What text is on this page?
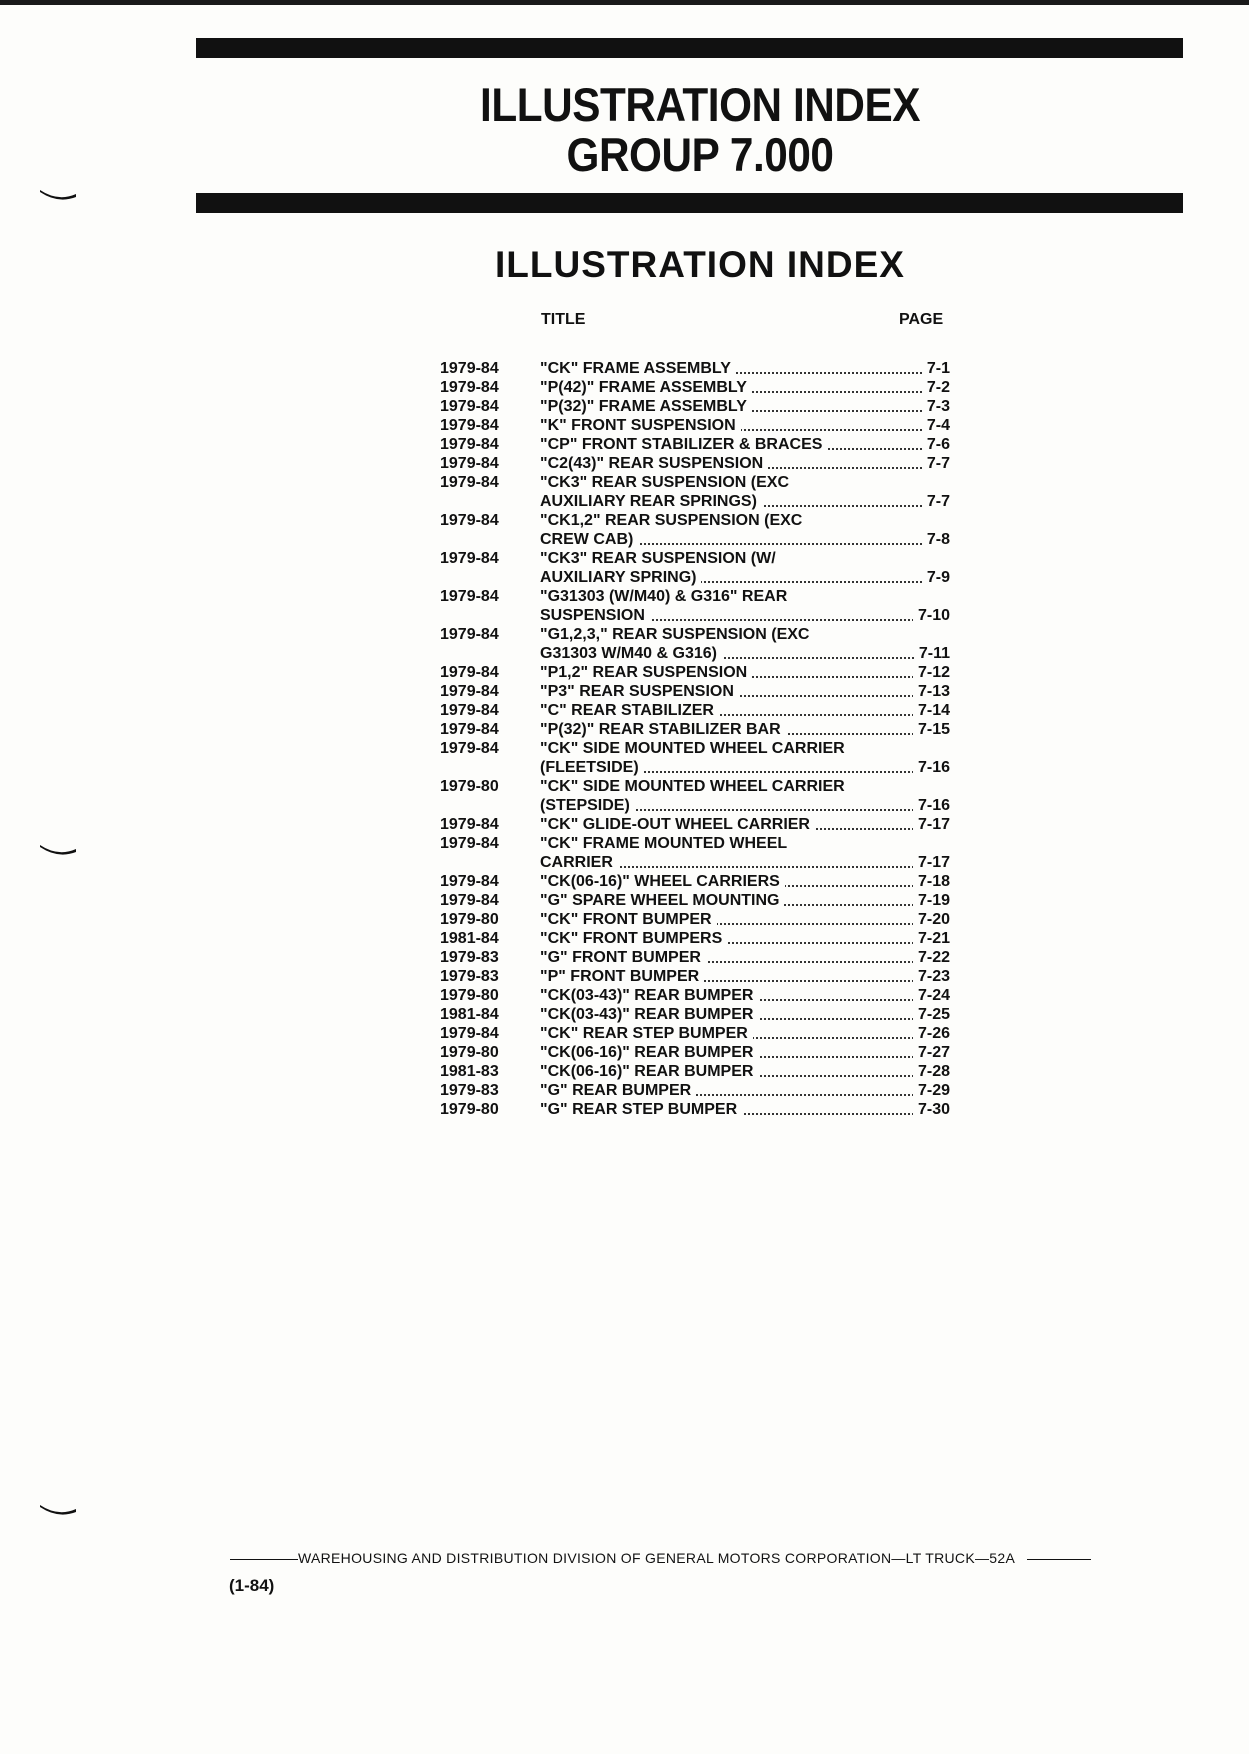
ILLUSTRATION INDEX
GROUP 7.000
ILLUSTRATION INDEX
TITLE	PAGE
1979-84	"CK" FRAME ASSEMBLY	7-1
1979-84	"P(42)" FRAME ASSEMBLY	7-2
1979-84	"P(32)" FRAME ASSEMBLY	7-3
1979-84	"K" FRONT SUSPENSION	7-4
1979-84	"CP" FRONT STABILIZER & BRACES	7-6
1979-84	"C2(43)" REAR SUSPENSION	7-7
1979-84	"CK3" REAR SUSPENSION (EXC
AUXILIARY REAR SPRINGS)	7-7
1979-84	"CK1,2" REAR SUSPENSION (EXC
CREW CAB)	7-8
1979-84	"CK3" REAR SUSPENSION (W/
AUXILIARY SPRING)	7-9
1979-84	"G31303 (W/M40) & G316" REAR
SUSPENSION	7-10
1979-84	"G1,2,3," REAR SUSPENSION (EXC
G31303 W/M40 & G316)	7-11
1979-84	"P1,2" REAR SUSPENSION	7-12
1979-84	"P3" REAR SUSPENSION	7-13
1979-84	"C" REAR STABILIZER	7-14
1979-84	"P(32)" REAR STABILIZER BAR	7-15
1979-84	"CK" SIDE MOUNTED WHEEL CARRIER
(FLEETSIDE)	7-16
1979-80	"CK" SIDE MOUNTED WHEEL CARRIER
(STEPSIDE)	7-16
1979-84	"CK" GLIDE-OUT WHEEL CARRIER	7-17
1979-84	"CK" FRAME MOUNTED WHEEL
CARRIER	7-17
1979-84	"CK(06-16)" WHEEL CARRIERS	7-18
1979-84	"G" SPARE WHEEL MOUNTING	7-19
1979-80	"CK" FRONT BUMPER	7-20
1981-84	"CK" FRONT BUMPERS	7-21
1979-83	"G" FRONT BUMPER	7-22
1979-83	"P" FRONT BUMPER	7-23
1979-80	"CK(03-43)" REAR BUMPER	7-24
1981-84	"CK(03-43)" REAR BUMPER	7-25
1979-84	"CK" REAR STEP BUMPER	7-26
1979-80	"CK(06-16)" REAR BUMPER	7-27
1981-83	"CK(06-16)" REAR BUMPER	7-28
1979-83	"G" REAR BUMPER	7-29
1979-80	"G" REAR STEP BUMPER	7-30
WAREHOUSING AND DISTRIBUTION DIVISION OF GENERAL MOTORS CORPORATION—LT TRUCK—52A
(1-84)
